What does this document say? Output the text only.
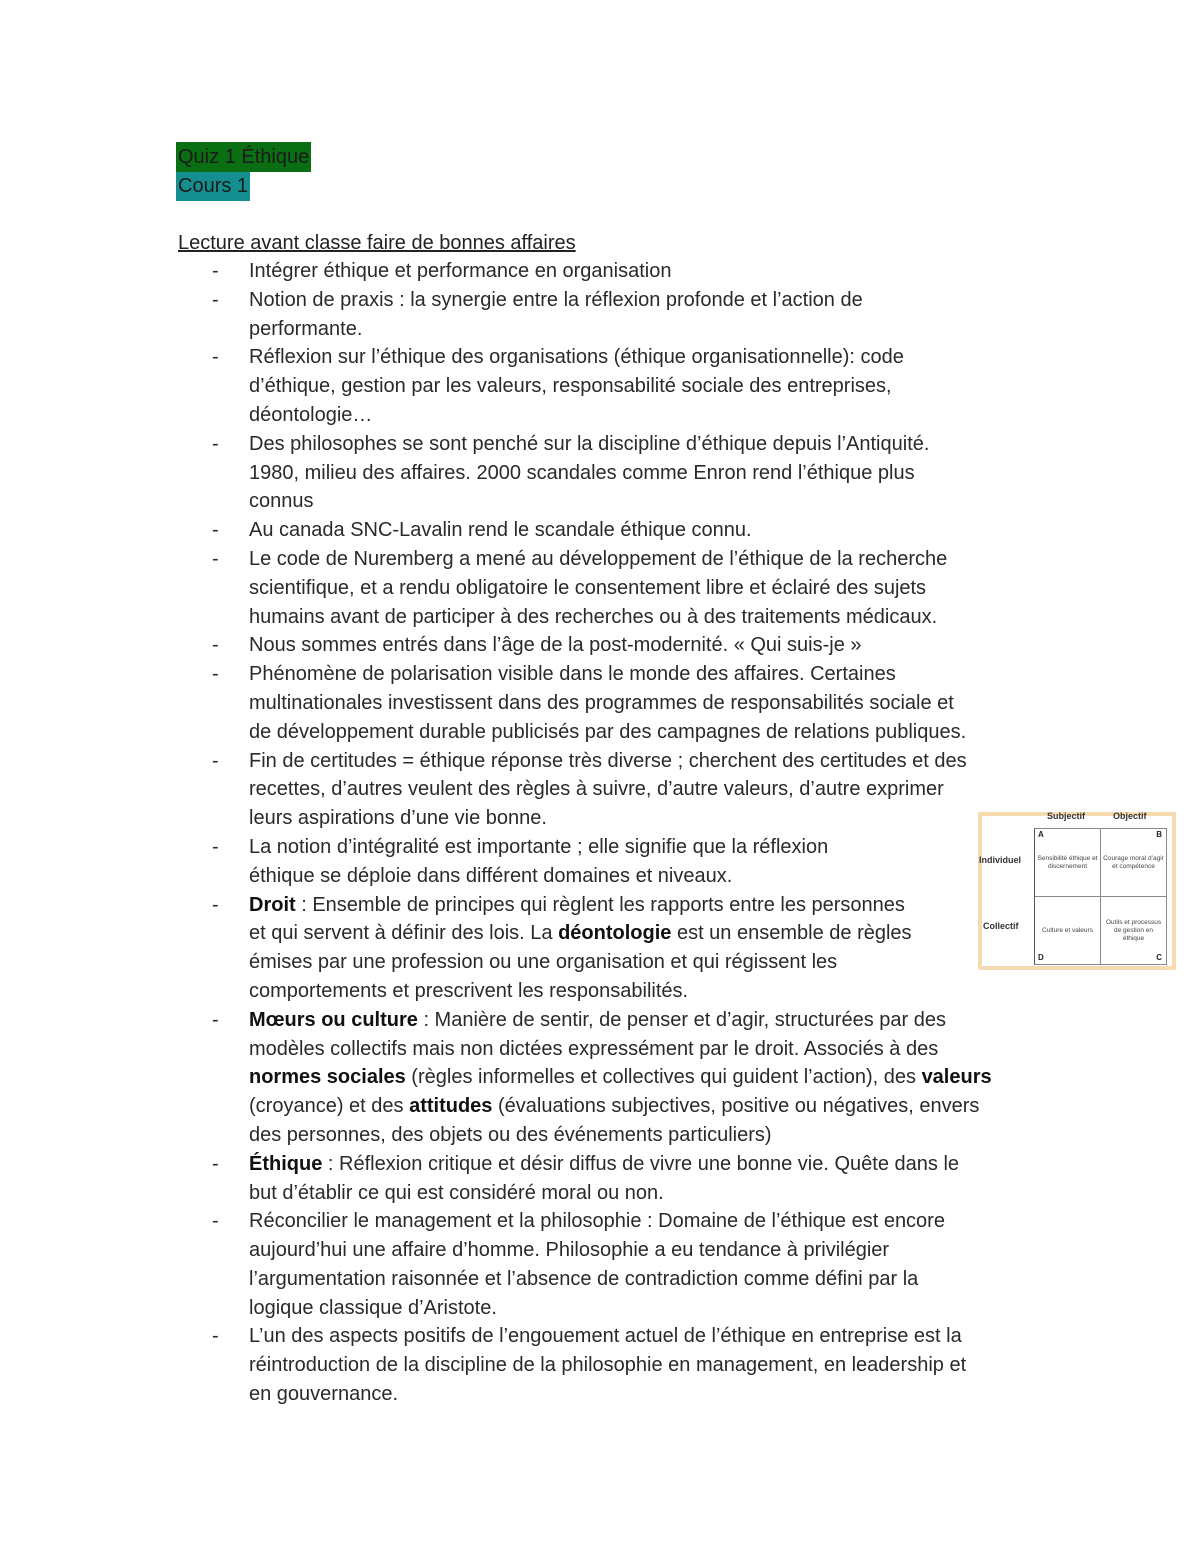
Quiz 1 Éthique
Cours 1
Lecture avant classe faire de bonnes affaires
- Intégrer éthique et performance en organisation
- Notion de praxis : la synergie entre la réflexion profonde et l’action de
performante.
- Réflexion sur l’éthique des organisations (éthique organisationnelle): code
d’éthique, gestion par les valeurs, responsabilité sociale des entreprises,
déontologie…
- Des philosophes se sont penché sur la discipline d’éthique depuis l’Antiquité.
1980, milieu des affaires. 2000 scandales comme Enron rend l’éthique plus
connus
- Au canada SNC-Lavalin rend le scandale éthique connu.
- Le code de Nuremberg a mené au développement de l’éthique de la recherche
scientifique, et a rendu obligatoire le consentement libre et éclairé des sujets
humains avant de participer à des recherches ou à des traitements médicaux.
- Nous sommes entrés dans l’âge de la post-modernité. « Qui suis-je »
- Phénomène de polarisation visible dans le monde des affaires. Certaines
multinationales investissent dans des programmes de responsabilités sociale et
de développement durable publicisés par des campagnes de relations publiques.
- Fin de certitudes = éthique réponse très diverse ; cherchent des certitudes et des
recettes, d’autres veulent des règles à suivre, d’autre valeurs, d’autre exprimer
leurs aspirations d’une vie bonne.
- La notion d’intégralité est importante ; elle signifie que la réflexion
éthique se déploie dans différent domaines et niveaux.
- Droit : Ensemble de principes qui règlent les rapports entre les personnes
et qui servent à définir des lois. La déontologie est un ensemble de règles
émises par une profession ou une organisation et qui régissent les
comportements et prescrivent les responsabilités.
- Mœurs ou culture : Manière de sentir, de penser et d’agir, structurées par des
modèles collectifs mais non dictées expressément par le droit. Associés à des
normes sociales (règles informelles et collectives qui guident l’action), des valeurs
(croyance) et des attitudes (évaluations subjectives, positive ou négatives, envers
des personnes, des objets ou des événements particuliers)
- Éthique : Réflexion critique et désir diffus de vivre une bonne vie. Quête dans le
but d’établir ce qui est considéré moral ou non.
- Réconcilier le management et la philosophie : Domaine de l’éthique est encore
aujourd’hui une affaire d’homme. Philosophie a eu tendance à privilégier
l’argumentation raisonnée et l’absence de contradiction comme défini par la
logique classique d’Aristote.
- L’un des aspects positifs de l’engouement actuel de l’éthique en entreprise est la
réintroduction de la discipline de la philosophie en management, en leadership et
en gouvernance.
Subjectif	Objectif
Individuel
Collectif
A
Sensibilité éthique et discernement
B
Courage moral d’agir et compétence
D
Culture et valeurs
C
Outils et processus de gestion en éthique
